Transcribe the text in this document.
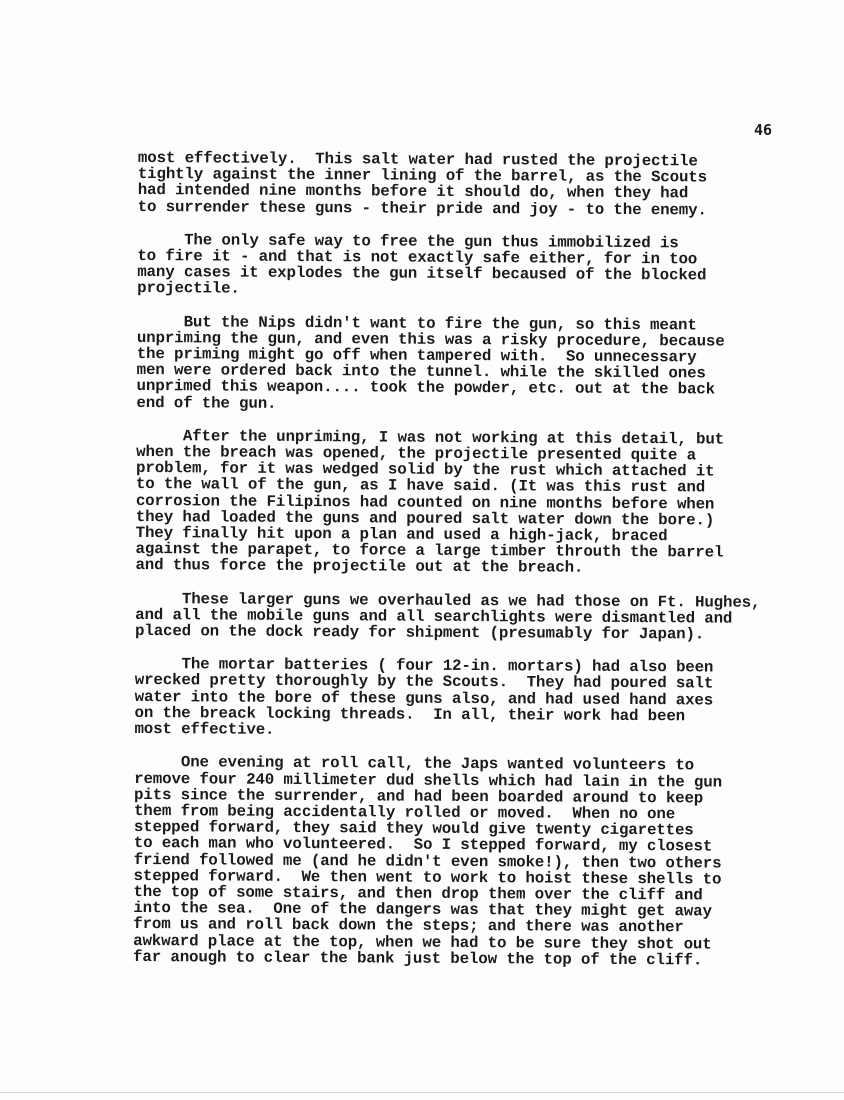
46
most effectively.  This salt water had rusted the projectile
tightly against the inner lining of the barrel, as the Scouts
had intended nine months before it should do, when they had
to surrender these guns - their pride and joy - to the enemy.
The only safe way to free the gun thus immobilized is
to fire it - and that is not exactly safe either, for in too
many cases it explodes the gun itself becaused of the blocked
projectile.
But the Nips didn't want to fire the gun, so this meant
unpriming the gun, and even this was a risky procedure, because
the priming might go off when tampered with.  So unnecessary
men were ordered back into the tunnel. while the skilled ones
unprimed this weapon.... took the powder, etc. out at the back
end of the gun.
After the unpriming, I was not working at this detail, but
when the breach was opened, the projectile presented quite a
problem, for it was wedged solid by the rust which attached it
to the wall of the gun, as I have said. (It was this rust and
corrosion the Filipinos had counted on nine months before when
they had loaded the guns and poured salt water down the bore.)
They finally hit upon a plan and used a high-jack, braced
against the parapet, to force a large timber throuth the barrel
and thus force the projectile out at the breach.
These larger guns we overhauled as we had those on Ft. Hughes,
and all the mobile guns and all searchlights were dismantled and
placed on the dock ready for shipment (presumably for Japan).
The mortar batteries ( four 12-in. mortars) had also been
wrecked pretty thoroughly by the Scouts.  They had poured salt
water into the bore of these guns also, and had used hand axes
on the breack locking threads.  In all, their work had been
most effective.
One evening at roll call, the Japs wanted volunteers to
remove four 240 millimeter dud shells which had lain in the gun
pits since the surrender, and had been boarded around to keep
them from being accidentally rolled or moved.  When no one
stepped forward, they said they would give twenty cigarettes
to each man who volunteered.  So I stepped forward, my closest
friend followed me (and he didn't even smoke!), then two others
stepped forward.  We then went to work to hoist these shells to
the top of some stairs, and then drop them over the cliff and
into the sea.  One of the dangers was that they might get away
from us and roll back down the steps; and there was another
awkward place at the top, when we had to be sure they shot out
far anough to clear the bank just below the top of the cliff.
